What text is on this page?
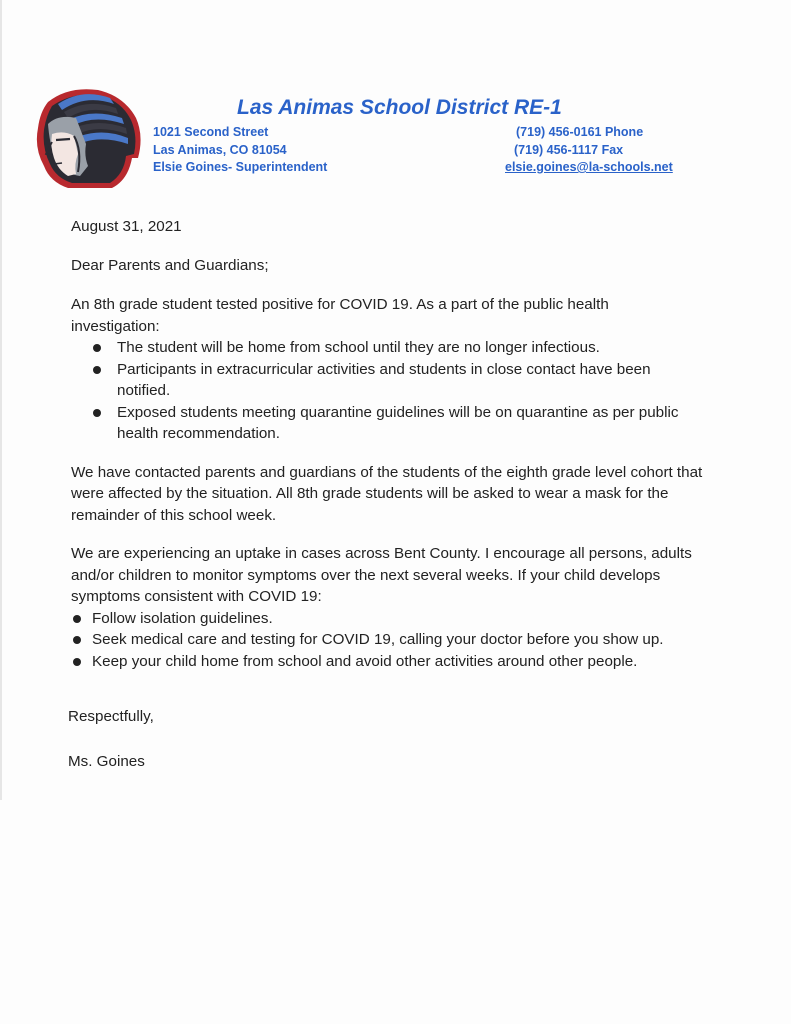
Las Animas School District RE-1
1021 Second Street
Las Animas, CO 81054
Elsie Goines- Superintendent
(719) 456-0161 Phone
(719) 456-1117 Fax
elsie.goines@la-schools.net

August 31, 2021

Dear Parents and Guardians;

An 8th grade student tested positive for COVID 19. As a part of the public health investigation:

The student will be home from school until they are no longer infectious.
Participants in extracurricular activities and students in close contact have been notified.
Exposed students meeting quarantine guidelines will be on quarantine as per public health recommendation.

We have contacted parents and guardians of the students of the eighth grade level cohort that were affected by the situation. All 8th grade students will be asked to wear a mask for the remainder of this school week.

We are experiencing an uptake in cases across Bent County. I encourage all persons, adults and/or children to monitor symptoms over the next several weeks. If your child develops symptoms consistent with COVID 19:

Follow isolation guidelines.
Seek medical care and testing for COVID 19, calling your doctor before you show up.
Keep your child home from school and avoid other activities around other people.
Respectfully,
Ms. Goines
